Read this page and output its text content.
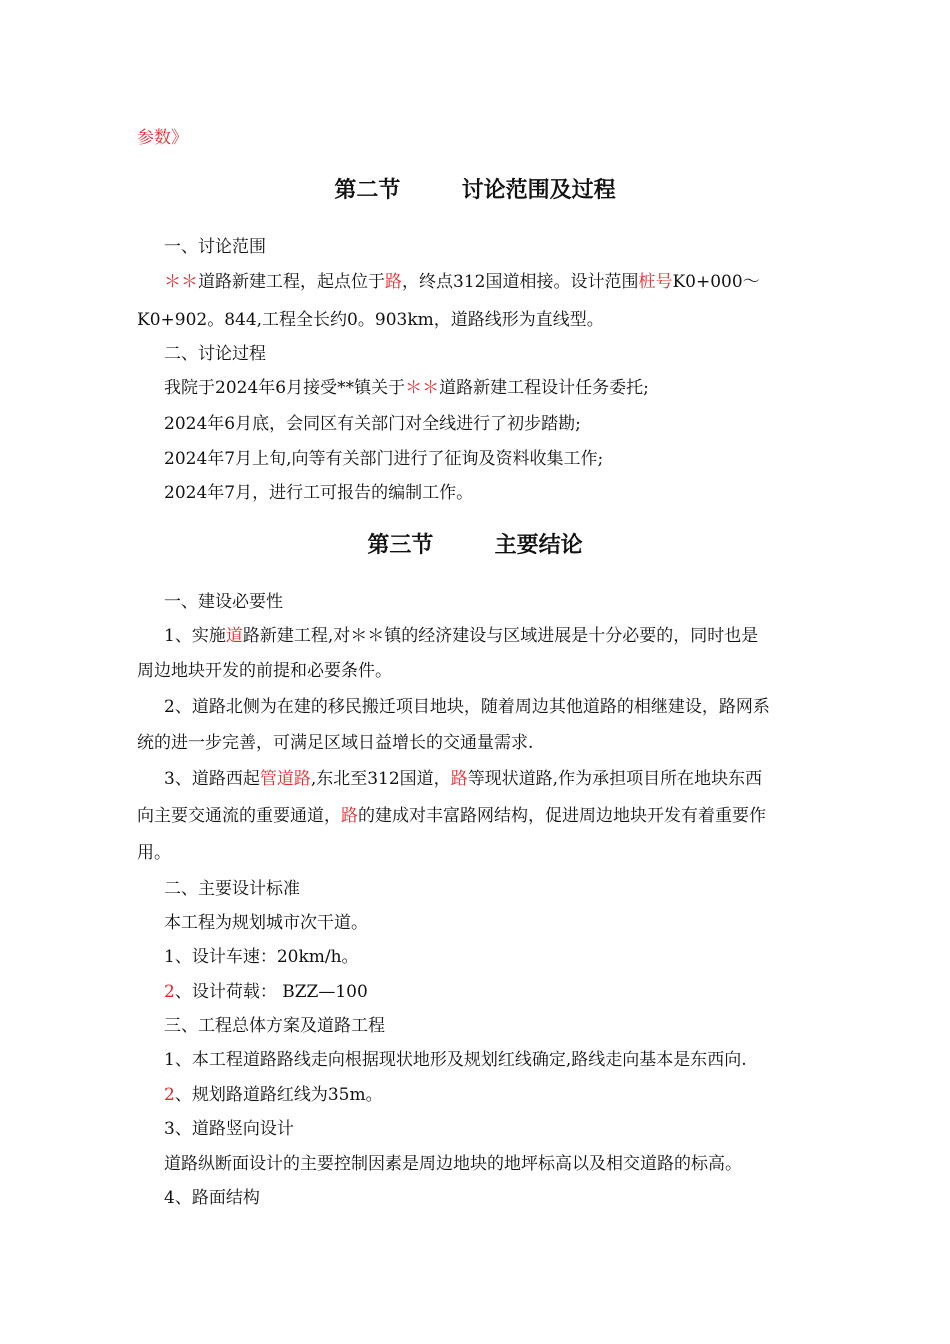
参数》
第二节        讨论范围及过程
一、讨论范围
＊＊道路新建工程，起点位于路，终点312国道相接。设计范围桩号K0+000～
K0+902。844,工程全长约0。903km，道路线形为直线型。
二、讨论过程
我院于2024年6月接受**镇关于＊＊道路新建工程设计任务委托;
2024年6月底，会同区有关部门对全线进行了初步踏勘;
2024年7月上旬,向等有关部门进行了征询及资料收集工作;
2024年7月，进行工可报告的编制工作。
第三节        主要结论
一、建设必要性
1、实施道路新建工程,对＊＊镇的经济建设与区域进展是十分必要的，同时也是
周边地块开发的前提和必要条件。
2、道路北侧为在建的移民搬迁项目地块，随着周边其他道路的相继建设，路网系
统的进一步完善，可满足区域日益增长的交通量需求.
3、道路西起管道路,东北至312国道，路等现状道路,作为承担项目所在地块东西
向主要交通流的重要通道，路的建成对丰富路网结构，促进周边地块开发有着重要作
用。
二、主要设计标准
本工程为规划城市次干道。
1、设计车速：20km/h。
2、设计荷载： BZZ—100
三、工程总体方案及道路工程
1、本工程道路路线走向根据现状地形及规划红线确定,路线走向基本是东西向.
2、规划路道路红线为35m。
3、道路竖向设计
道路纵断面设计的主要控制因素是周边地块的地坪标高以及相交道路的标高。
4、路面结构
